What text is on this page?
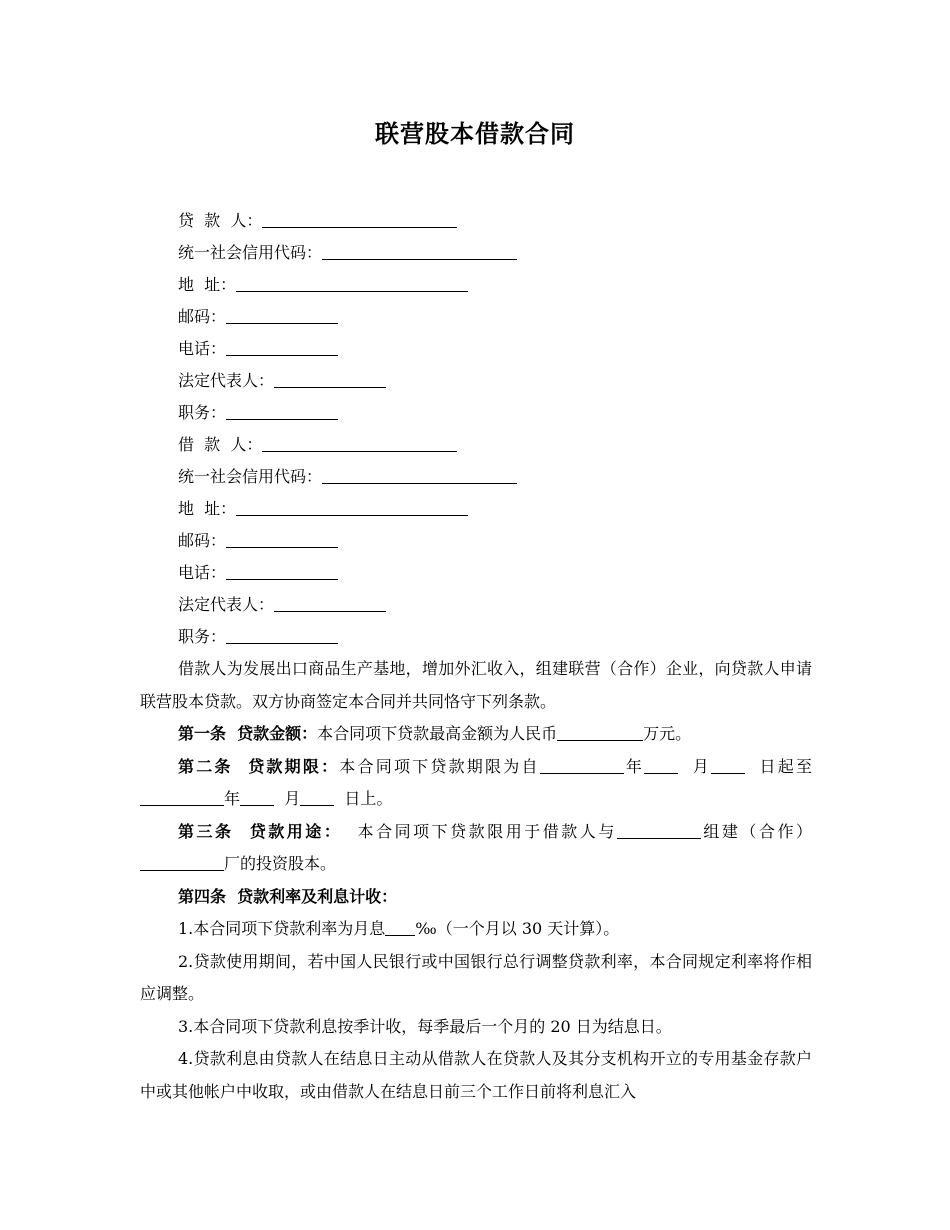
联营股本借款合同
贷  款  人：
统一社会信用代码：
地  址：
邮码：
电话：
法定代表人：
职务：
借  款  人：
统一社会信用代码：
地  址：
邮码：
电话：
法定代表人：
职务：
借款人为发展出口商品生产基地，增加外汇收入，组建联营（合作）企业，向贷款人申请联营股本贷款。双方协商签定本合同并共同恪守下列条款。
第一条  贷款金额：本合同项下贷款最高金额为人民币	万元。
第二条  贷款期限：本合同项下贷款期限为自	年  月  日起至年  月  日上。
第三条  贷款用途：  本合同项下贷款限用于借款人与	组建（合作）厂的投资股本。
第四条  贷款利率及利息计收：
1.本合同项下贷款利率为月息 ‰（一个月以 30 天计算）。
2.贷款使用期间，若中国人民银行或中国银行总行调整贷款利率，本合同规定利率将作相应调整。
3.本合同项下贷款利息按季计收，每季最后一个月的 20 日为结息日。
4.贷款利息由贷款人在结息日主动从借款人在贷款人及其分支机构开立的专用基金存款户中或其他帐户中收取，或由借款人在结息日前三个工作日前将利息汇入
